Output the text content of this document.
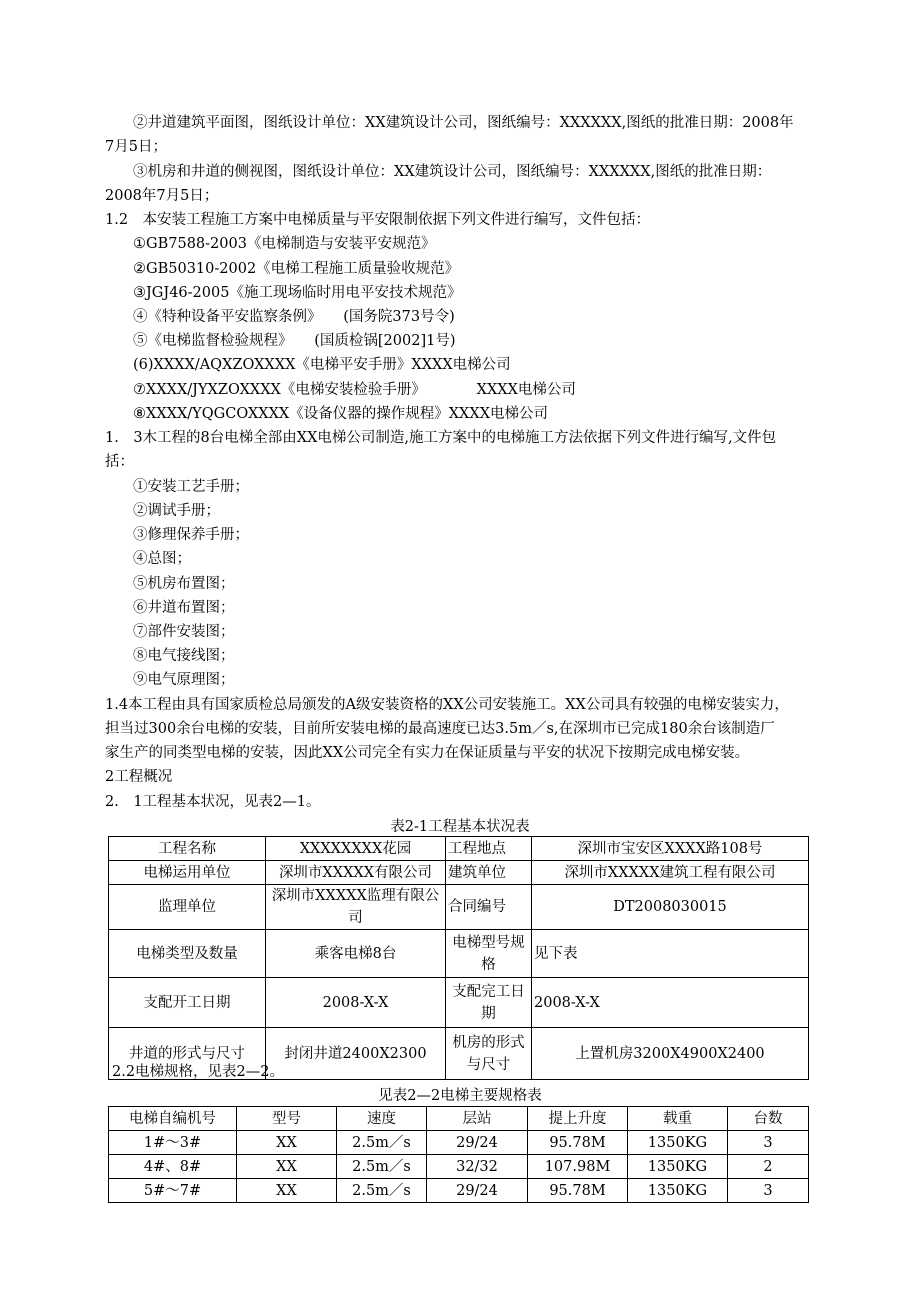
②井道建筑平面图，图纸设计单位：XX建筑设计公司，图纸编号：XXXXXX,图纸的批准日期：2008年
7月5日；
③机房和井道的侧视图，图纸设计单位：XX建筑设计公司，图纸编号：XXXXXX,图纸的批准日期：
2008年7月5日；
1.2　本安装工程施工方案中电梯质量与平安限制依据下列文件进行编写，文件包括：
①GB7588-2003《电梯制造与安装平安规范》
②GB50310-2002《电梯工程施工质量验收规范》
③JGJ46-2005《施工现场临时用电平安技术规范》
④《特种设备平安监察条例》　　(国务院373号令)
⑤《电梯监督检验规程》　　(国质检锅[2002]1号)
(6)XXXX/AQXZOXXXX《电梯平安手册》XXXX电梯公司
⑦XXXX/JYXZOXXXX《电梯安装检验手册》　　　　XXXX电梯公司
⑧XXXX/YQGCOXXXX《设备仪器的操作规程》XXXX电梯公司
1.　3木工程的8台电梯全部由XX电梯公司制造,施工方案中的电梯施工方法依据下列文件进行编写,文件包
括：
①安装工艺手册；
②调试手册；
③修理保养手册；
④总图；
⑤机房布置图；
⑥井道布置图；
⑦部件安装图；
⑧电气接线图；
⑨电气原理图；
1.4本工程由具有国家质检总局颁发的A级安装资格的XX公司安装施工。XX公司具有较强的电梯安装实力，
担当过300余台电梯的安装，目前所安装电梯的最高速度已达3.5m／s,在深圳市已完成180余台该制造厂
家生产的同类型电梯的安装，因此XX公司完全有实力在保证质量与平安的状况下按期完成电梯安装。
2工程概况
2.　1工程基本状况，见表2—1。
表2-1工程基本状况表
工程名称	XXXXXXXX花园	工程地点	深圳市宝安区XXXX路108号
电梯运用单位	深圳市XXXXX有限公司	建筑单位	深圳市XXXXX建筑工程有限公司
监理单位	深圳市XXXXX监理有限公司	合同编号	DT2008030015
电梯类型及数量	乘客电梯8台	电梯型号规格	见下表
支配开工日期	2008-X-X	支配完工日期	2008-X-X
井道的形式与尺寸	封闭井道2400X2300	机房的形式与尺寸	上置机房3200X4900X2400
2.2电梯规格，见表2—2。
见表2—2电梯主要规格表
电梯自编机号	型号	速度	层站	提上升度	载重	台数
1#～3#	XX	2.5m／s	29/24	95.78M	1350KG	3
4#、8#	XX	2.5m／s	32/32	107.98M	1350KG	2
5#～7#	XX	2.5m／s	29/24	95.78M	1350KG	3
